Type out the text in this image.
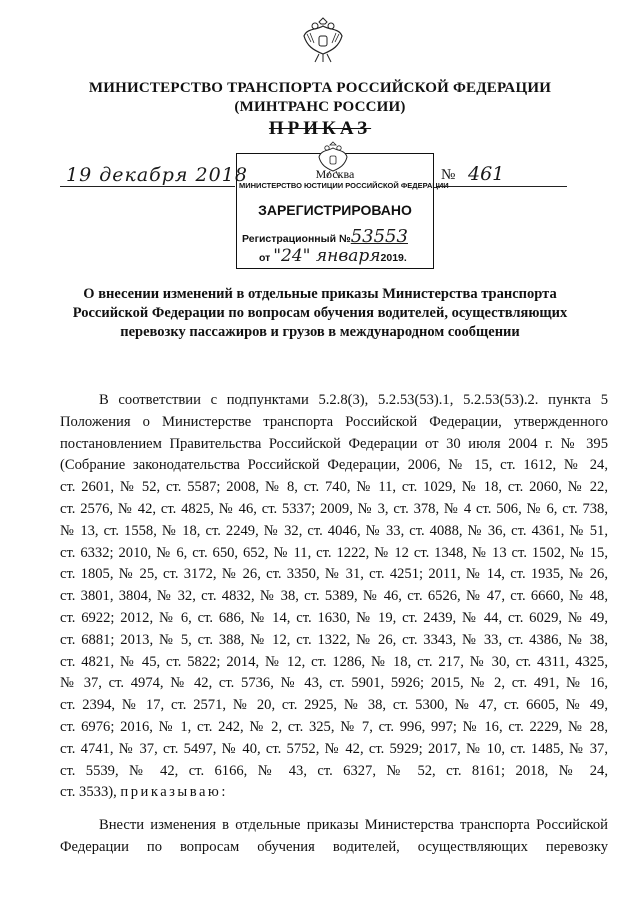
МИНИСТЕРСТВО ТРАНСПОРТА РОССИЙСКОЙ ФЕДЕРАЦИИ
(МИНТРАНС РОССИИ)
ПРИКАЗ
19 декабря 2018	Москва
МИНИСТЕРСТВО ЮСТИЦИИ РОССИЙСКОЙ ФЕДЕРАЦИИ
ЗАРЕГИСТРИРОВАНО
Регистрационный №53553
от "24" января2019.
№ 461
О внесении изменений в отдельные приказы Министерства транспорта
Российской Федерации по вопросам обучения водителей, осуществляющих
перевозку пассажиров и грузов в международном сообщении
В соответствии с подпунктами 5.2.8(3), 5.2.53(53).1, 5.2.53(53).2. пункта 5
Положения о Министерстве транспорта Российской Федерации, утвержденного
постановлением Правительства Российской Федерации от 30 июля 2004 г. № 395
(Собрание законодательства Российской Федерации, 2006, № 15, ст. 1612, № 24,
ст. 2601, № 52, ст. 5587; 2008, № 8, ст. 740, № 11, ст. 1029, № 18, ст. 2060, № 22,
ст. 2576, № 42, ст. 4825, № 46, ст. 5337; 2009, № 3, ст. 378, № 4 ст. 506, № 6, ст. 738,
№ 13, ст. 1558, № 18, ст. 2249, № 32, ст. 4046, № 33, ст. 4088, № 36, ст. 4361, № 51,
ст. 6332; 2010, № 6, ст. 650, 652, № 11, ст. 1222, № 12 ст. 1348, № 13 ст. 1502, № 15,
ст. 1805, № 25, ст. 3172, № 26, ст. 3350, № 31, ст. 4251; 2011, № 14, ст. 1935, № 26,
ст. 3801, 3804, № 32, ст. 4832, № 38, ст. 5389, № 46, ст. 6526, № 47, ст. 6660, № 48,
ст. 6922; 2012, № 6, ст. 686, № 14, ст. 1630, № 19, ст. 2439, № 44, ст. 6029, № 49,
ст. 6881; 2013, № 5, ст. 388, № 12, ст. 1322, № 26, ст. 3343, № 33, ст. 4386, № 38,
ст. 4821, № 45, ст. 5822; 2014, № 12, ст. 1286, № 18, ст. 217, № 30, ст. 4311, 4325,
№ 37, ст. 4974, № 42, ст. 5736, № 43, ст. 5901, 5926; 2015, № 2, ст. 491, № 16,
ст. 2394, № 17, ст. 2571, № 20, ст. 2925, № 38, ст. 5300, № 47, ст. 6605, № 49,
ст. 6976; 2016, № 1, ст. 242, № 2, ст. 325, № 7, ст. 996, 997; № 16, ст. 2229, № 28,
ст. 4741, № 37, ст. 5497, № 40, ст. 5752, № 42, ст. 5929; 2017, № 10, ст. 1485, № 37,
ст. 5539, № 42, ст. 6166, № 43, ст. 6327, № 52, ст. 8161; 2018, № 24,
ст. 3533), приказываю:
Внести изменения в отдельные приказы Министерства транспорта Российской
Федерации по вопросам обучения водителей, осуществляющих перевозку
